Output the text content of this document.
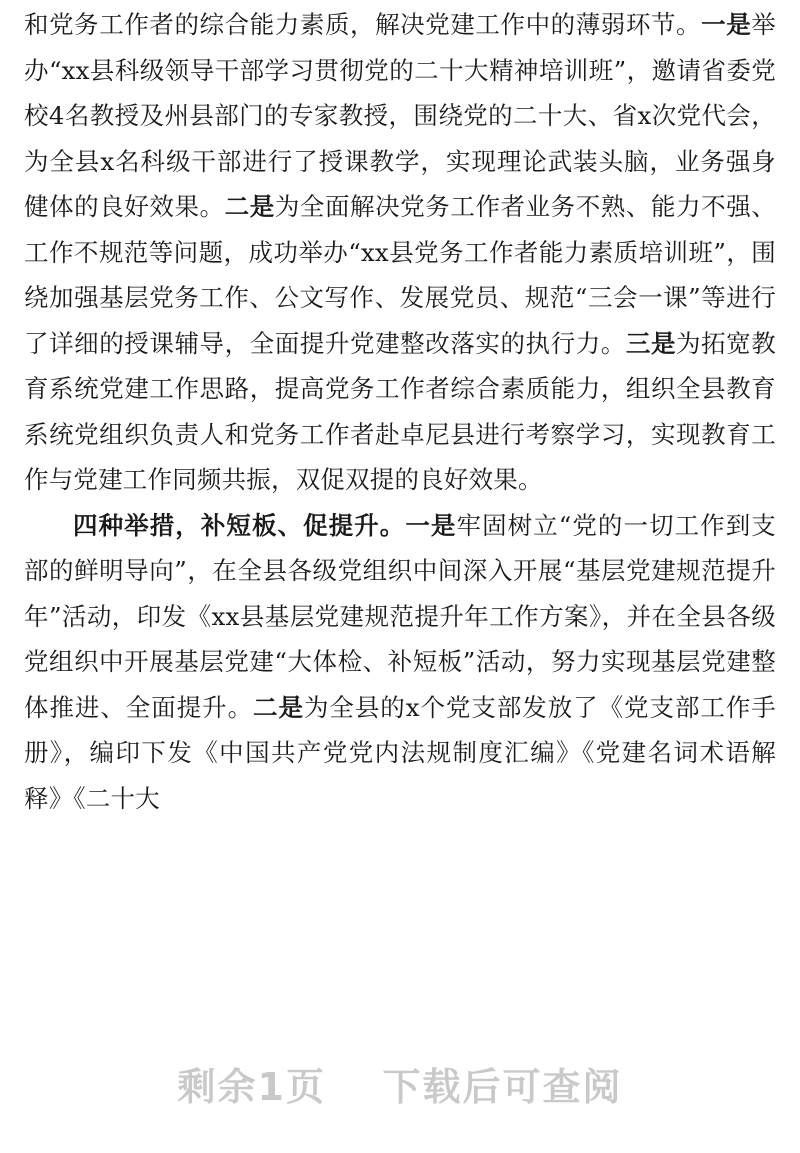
和党务工作者的综合能力素质，解决党建工作中的薄弱环节。一是举办“xx县科级领导干部学习贯彻党的二十大精神培训班”，邀请省委党校4名教授及州县部门的专家教授，围绕党的二十大、省x次党代会，为全县x名科级干部进行了授课教学，实现理论武装头脑，业务强身健体的良好效果。二是为全面解决党务工作者业务不熟、能力不强、工作不规范等问题，成功举办“xx县党务工作者能力素质培训班”，围绕加强基层党务工作、公文写作、发展党员、规范“三会一课”等进行了详细的授课辅导，全面提升党建整改落实的执行力。三是为拓宽教育系统党建工作思路，提高党务工作者综合素质能力，组织全县教育系统党组织负责人和党务工作者赴卓尼县进行考察学习，实现教育工作与党建工作同频共振，双促双提的良好效果。

四种举措，补短板、促提升。一是牢固树立“党的一切工作到支部的鲜明导向”，在全县各级党组织中间深入开展“基层党建规范提升年”活动，印发《xx县基层党建规范提升年工作方案》，并在全县各级党组织中开展基层党建“大体检、补短板”活动，努力实现基层党建整体推进、全面提升。二是为全县的x个党支部发放了《党支部工作手册》，编印下发《中国共产党党内法规制度汇编》《党建名词术语解释》《二十大

剩余1页 下载后可查阅
